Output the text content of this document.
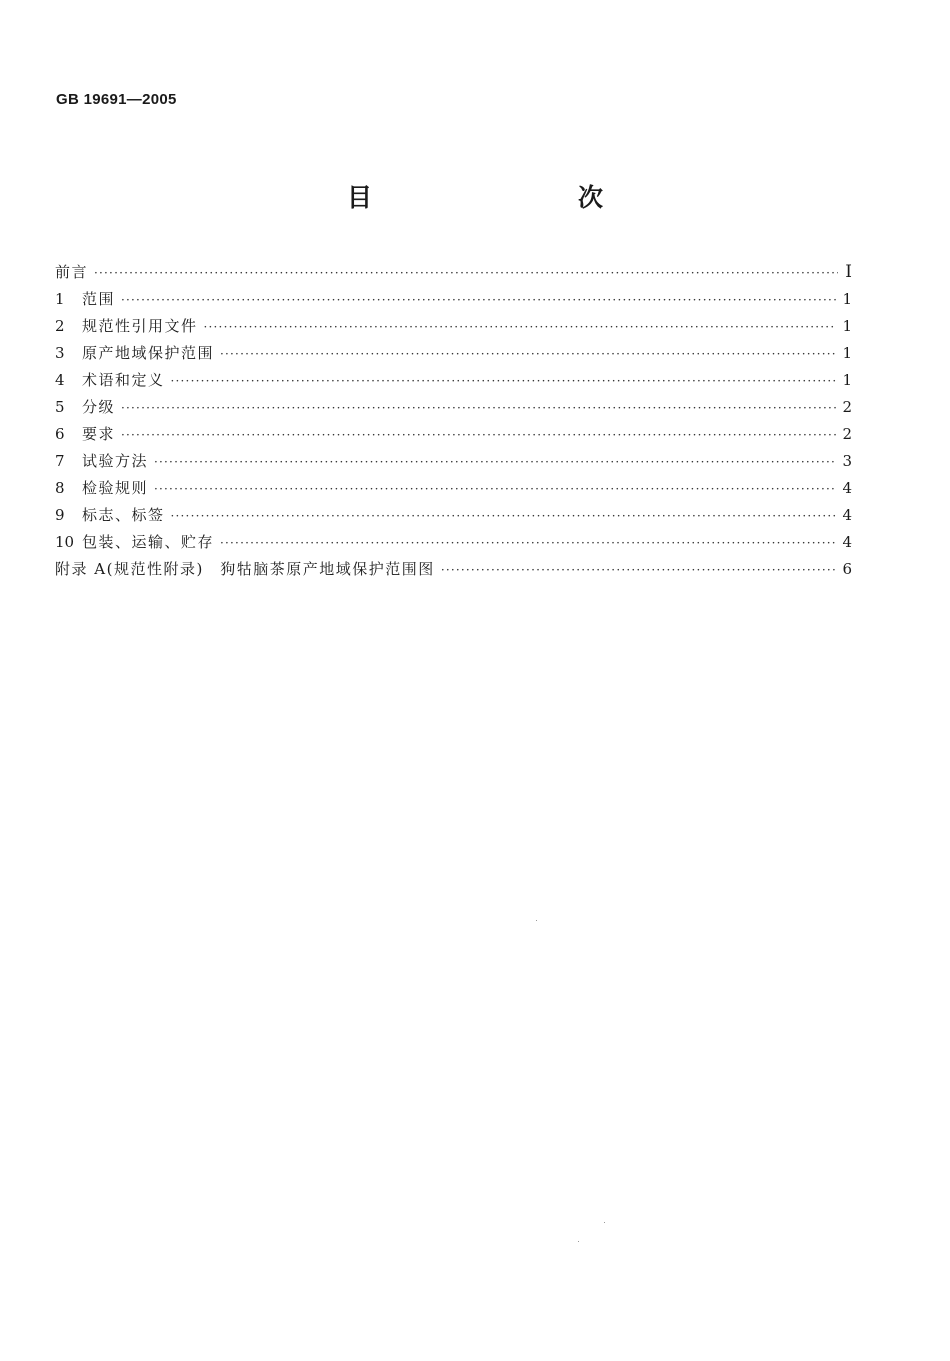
GB 19691—2005
目　　次
前言 ·····	I
1	范围 ·····	1
2	规范性引用文件 ·····	1
3	原产地域保护范围 ·····	1
4	术语和定义 ·····	1
5	分级 ·····	2
6	要求 ·····	2
7	试验方法 ·····	3
8	检验规则 ·····	4
9	标志、标签 ·····	4
10 包装、运输、贮存 ·····	4
附录 A(规范性附录)　狗牯脑茶原产地域保护范围图 ·····	6
